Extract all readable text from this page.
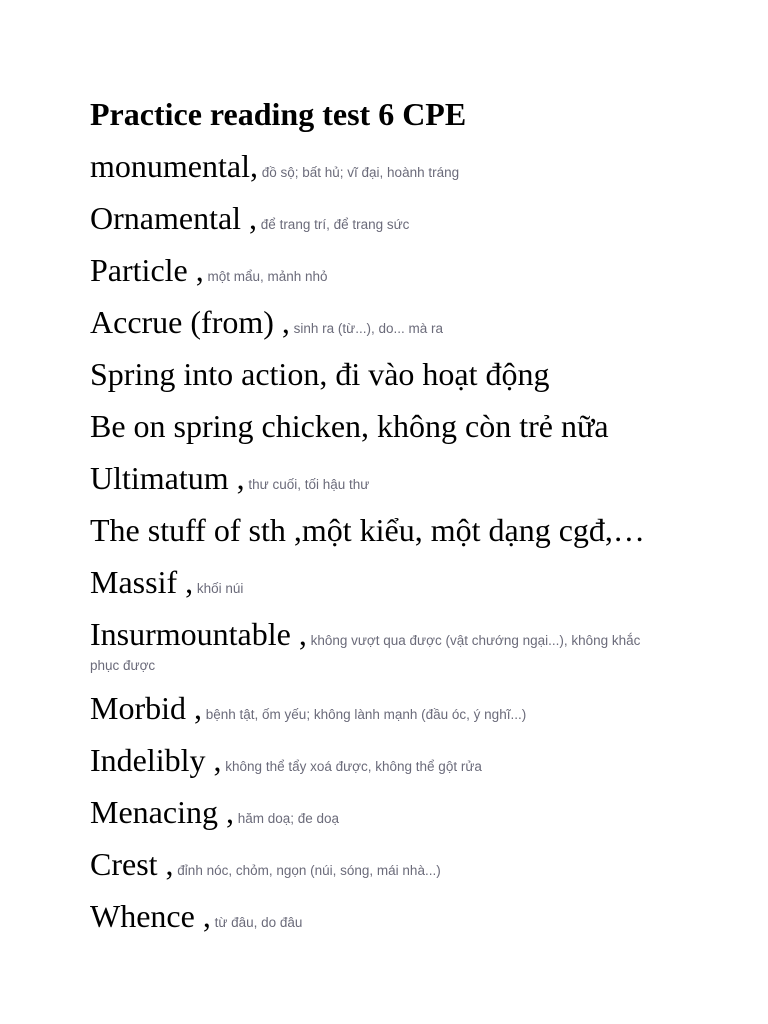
Practice reading test 6 CPE
monumental, đồ sộ; bất hủ; vĩ đại, hoành tráng
Ornamental , để trang trí, để trang sức
Particle , một mẩu, mảnh nhỏ
Accrue (from) , sinh ra (từ...), do... mà ra
Spring into action, đi vào hoạt động
Be on spring chicken, không còn trẻ nữa
Ultimatum , thư cuối, tối hậu thư
The stuff of sth ,một kiểu, một dạng cgđ,…
Massif , khối núi
Insurmountable , không vượt qua được (vật chướng ngại...), không khắc phục được
Morbid , bệnh tật, ốm yếu; không lành mạnh (đầu óc, ý nghĩ...)
Indelibly , không thể tẩy xoá được, không thể gột rửa
Menacing , hăm doạ; đe doạ
Crest , đỉnh nóc, chỏm, ngọn (núi, sóng, mái nhà...)
Whence , từ đâu, do đâu
